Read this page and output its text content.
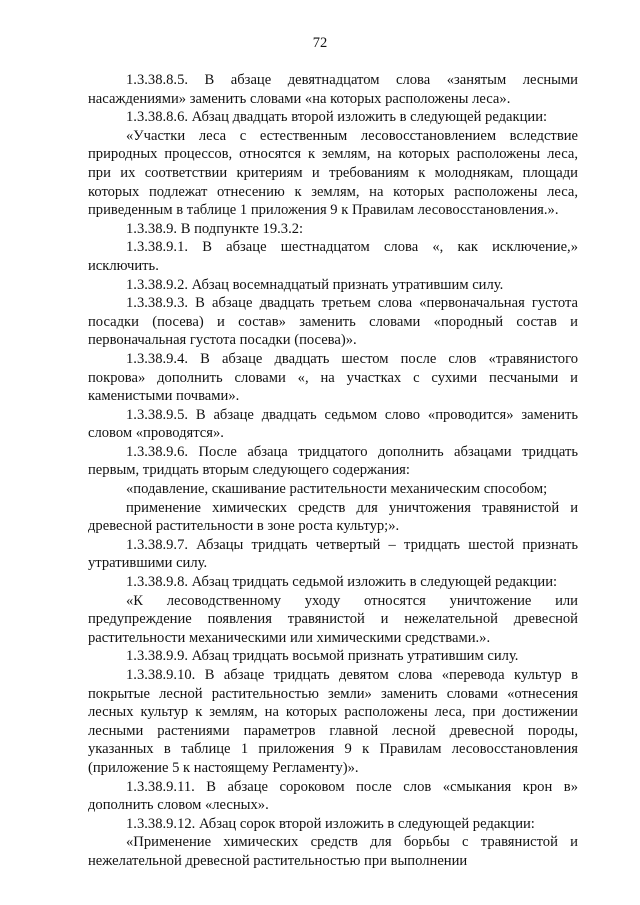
72

1.3.38.8.5. В абзаце девятнадцатом слова «занятым лесными насаждениями» заменить словами «на которых расположены леса».

1.3.38.8.6. Абзац двадцать второй изложить в следующей редакции:

«Участки леса с естественным лесовосстановлением вследствие природных процессов, относятся к землям, на которых расположены леса, при их соответствии критериям и требованиям к молоднякам, площади которых подлежат отнесению к землям, на которых расположены леса, приведенным в таблице 1 приложения 9 к Правилам лесовосстановления.».

1.3.38.9. В подпункте 19.3.2:

1.3.38.9.1. В абзаце шестнадцатом слова «, как исключение,» исключить.

1.3.38.9.2. Абзац восемнадцатый признать утратившим силу.

1.3.38.9.3. В абзаце двадцать третьем слова «первоначальная густота посадки (посева) и состав» заменить словами «породный состав и первоначальная густота посадки (посева)».

1.3.38.9.4. В абзаце двадцать шестом после слов «травянистого покрова» дополнить словами «, на участках с сухими песчаными и каменистыми почвами».

1.3.38.9.5. В абзаце двадцать седьмом слово «проводится» заменить словом «проводятся».

1.3.38.9.6. После абзаца тридцатого дополнить абзацами тридцать первым, тридцать вторым следующего содержания:

«подавление, скашивание растительности механическим способом;

применение химических средств для уничтожения травянистой и древесной растительности в зоне роста культур;».

1.3.38.9.7. Абзацы тридцать четвертый – тридцать шестой признать утратившими силу.

1.3.38.9.8. Абзац тридцать седьмой изложить в следующей редакции:

«К лесоводственному уходу относятся уничтожение или предупреждение появления травянистой и нежелательной древесной растительности механическими или химическими средствами.».

1.3.38.9.9. Абзац тридцать восьмой признать утратившим силу.

1.3.38.9.10. В абзаце тридцать девятом слова «перевода культур в покрытые лесной растительностью земли» заменить словами «отнесения лесных культур к землям, на которых расположены леса, при достижении лесными растениями параметров главной лесной древесной породы, указанных в таблице 1 приложения 9 к Правилам лесовосстановления (приложение 5 к настоящему Регламенту)».

1.3.38.9.11. В абзаце сороковом после слов «смыкания крон в» дополнить словом «лесных».

1.3.38.9.12. Абзац сорок второй изложить в следующей редакции:

«Применение химических средств для борьбы с травянистой и нежелательной древесной растительностью при выполнении
